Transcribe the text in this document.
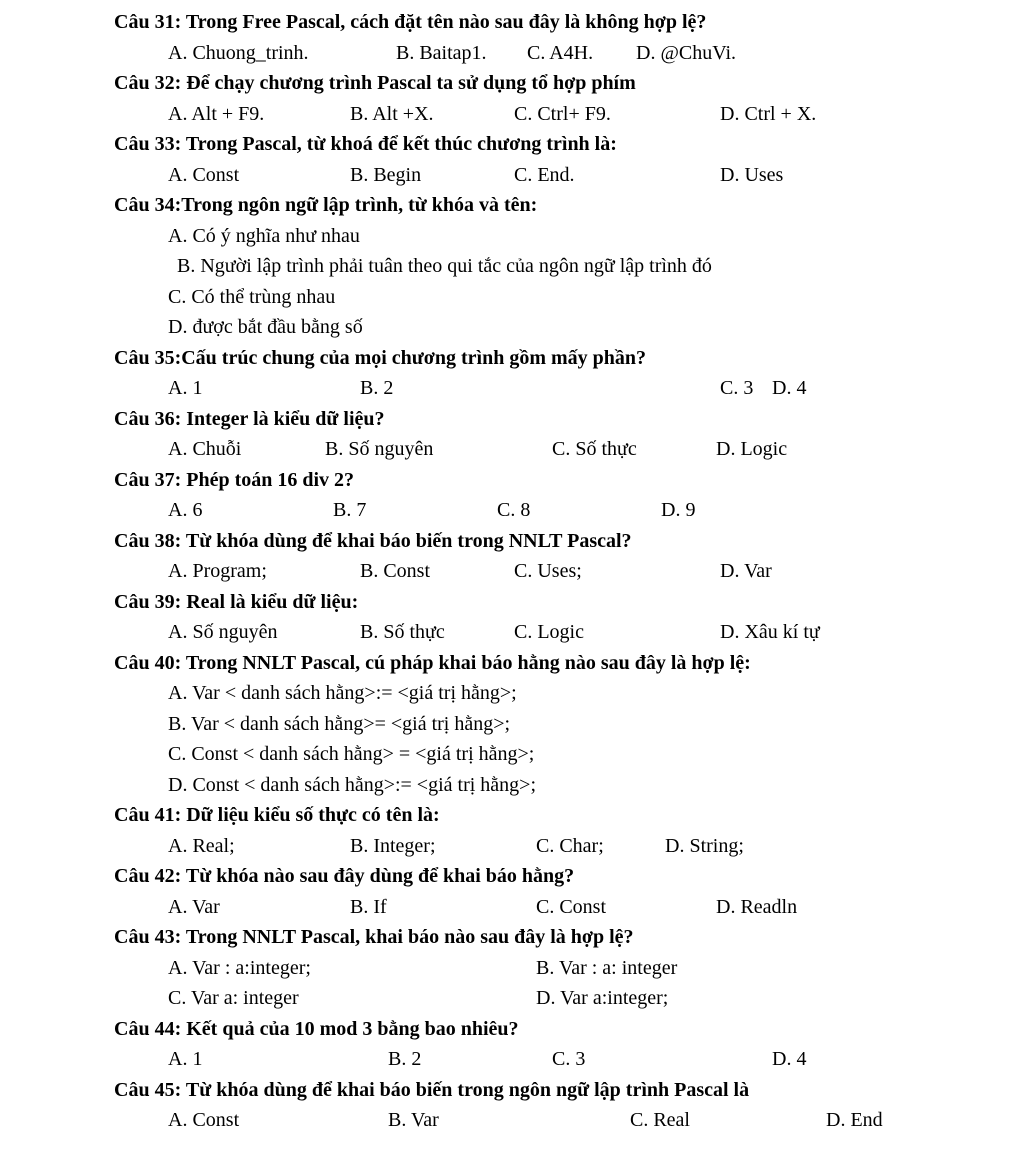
Câu 31: Trong Free Pascal, cách đặt tên nào sau đây là không hợp lệ?
A. Chuong_trinh.	B. Baitap1. C. A4H. D. @ChuVi.
Câu 32: Để chạy chương trình Pascal ta sử dụng tổ hợp phím
A. Alt + F9.	B. Alt +X.	C. Ctrl+ F9.	D. Ctrl + X.
Câu 33: Trong Pascal, từ khoá để kết thúc chương trình là:
A. Const	B. Begin	C. End.	D. Uses
Câu 34:Trong ngôn ngữ lập trình, từ khóa và tên:
A. Có ý nghĩa như nhau
B. Người lập trình phải tuân theo qui tắc của ngôn ngữ lập trình đó
C. Có thể trùng nhau
D. được bắt đầu bằng số
Câu 35:Cấu trúc chung của mọi chương trình gồm mấy phần?
A. 1	B. 2	C. 3 D. 4
Câu 36: Integer là kiểu dữ liệu?
A. Chuỗi	B. Số nguyên	C. Số thực	D. Logic
Câu 37: Phép toán 16 div 2?
A. 6	B. 7	C. 8	D. 9
Câu 38: Từ khóa dùng để khai báo biến trong NNLT Pascal?
A. Program;	B. Const	C. Uses;	D. Var
Câu 39: Real là kiểu dữ liệu:
A. Số nguyên	B. Số thực	C. Logic	D. Xâu kí tự
Câu 40: Trong NNLT Pascal, cú pháp khai báo hằng nào sau đây là hợp lệ:
A. Var < danh sách hằng>:= <giá trị hằng>;
B. Var < danh sách hằng>= <giá trị hằng>;
C. Const < danh sách hằng> = <giá trị hằng>;
D. Const < danh sách hằng>:= <giá trị hằng>;
Câu 41: Dữ liệu kiểu số thực có tên là:
A. Real;	B. Integer;	C. Char;	D. String;
Câu 42: Từ khóa nào sau đây dùng để khai báo hằng?
A. Var	B. If	C. Const	D. Readln
Câu 43: Trong NNLT Pascal, khai báo nào sau đây là hợp lệ?
A. Var : a:integer;	B. Var : a: integer
C. Var a: integer	D. Var a:integer;
Câu 44: Kết quả của 10 mod 3 bằng bao nhiêu?
A. 1	B. 2	C. 3	D. 4
Câu 45: Từ khóa dùng để khai báo biến trong ngôn ngữ lập trình Pascal là
A. Const	B. Var	C. Real	D. End
